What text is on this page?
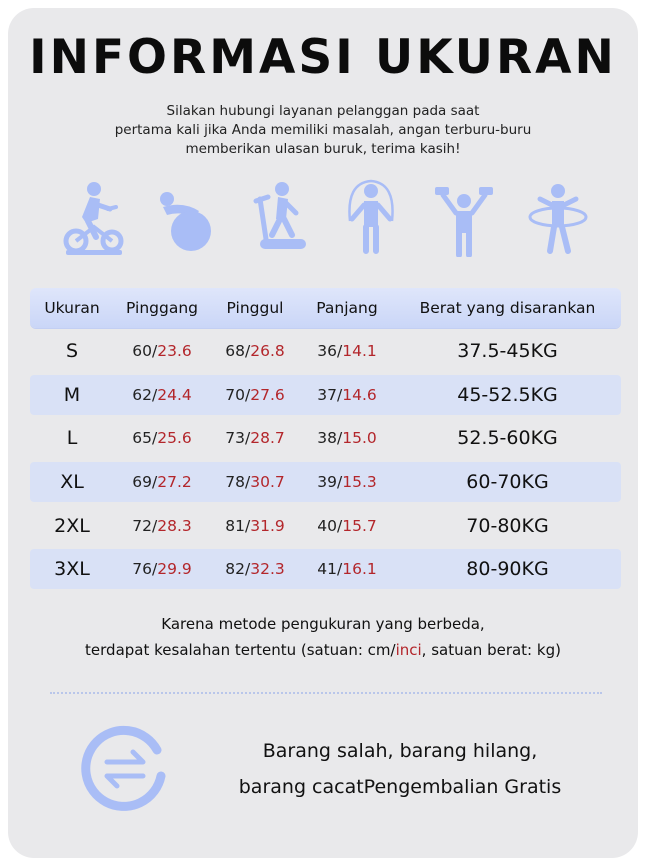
INFORMASI UKURAN
Silakan hubungi layanan pelanggan pada saat
pertama kali jika Anda memiliki masalah, angan terburu-buru
memberikan ulasan buruk, terima kasih!
Ukuran	Pinggang	Pinggul	Panjang	Berat yang disarankan
S	60/23.6	68/26.8	36/14.1	37.5-45KG
M	62/24.4	70/27.6	37/14.6	45-52.5KG
L	65/25.6	73/28.7	38/15.0	52.5-60KG
XL	69/27.2	78/30.7	39/15.3	60-70KG
2XL	72/28.3	81/31.9	40/15.7	70-80KG
3XL	76/29.9	82/32.3	41/16.1	80-90KG
Karena metode pengukuran yang berbeda,
terdapat kesalahan tertentu (satuan: cm/inci, satuan berat: kg)
Barang salah, barang hilang,
barang cacatPengembalian Gratis
